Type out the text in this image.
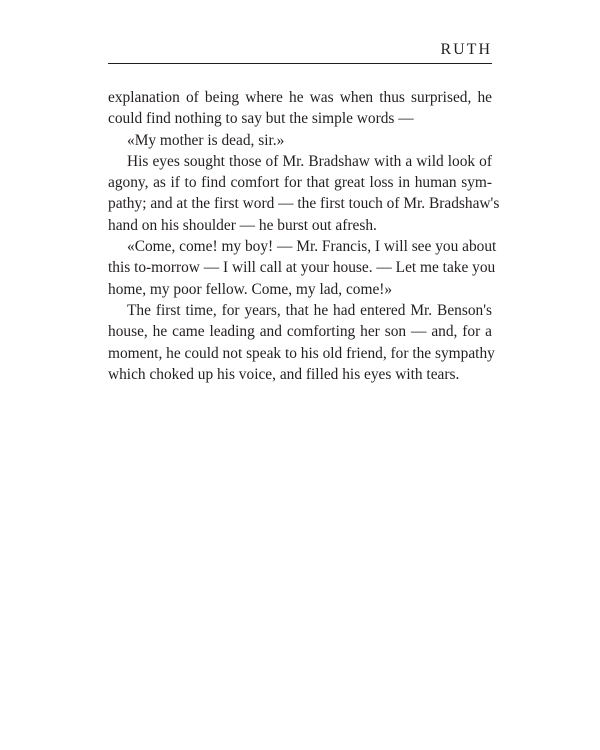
RUTH
explanation of being where he was when thus surprised, he
could find nothing to say but the simple words —
«My mother is dead, sir.»
His eyes sought those of Mr. Bradshaw with a wild look of
agony, as if to find comfort for that great loss in human sym-
pathy; and at the first word — the first touch of Mr. Bradshaw's
hand on his shoulder — he burst out afresh.
«Come, come! my boy! — Mr. Francis, I will see you about
this to-morrow — I will call at your house. — Let me take you
home, my poor fellow. Come, my lad, come!»
The first time, for years, that he had entered Mr. Benson's
house, he came leading and comforting her son — and, for a
moment, he could not speak to his old friend, for the sympathy
which choked up his voice, and filled his eyes with tears.
